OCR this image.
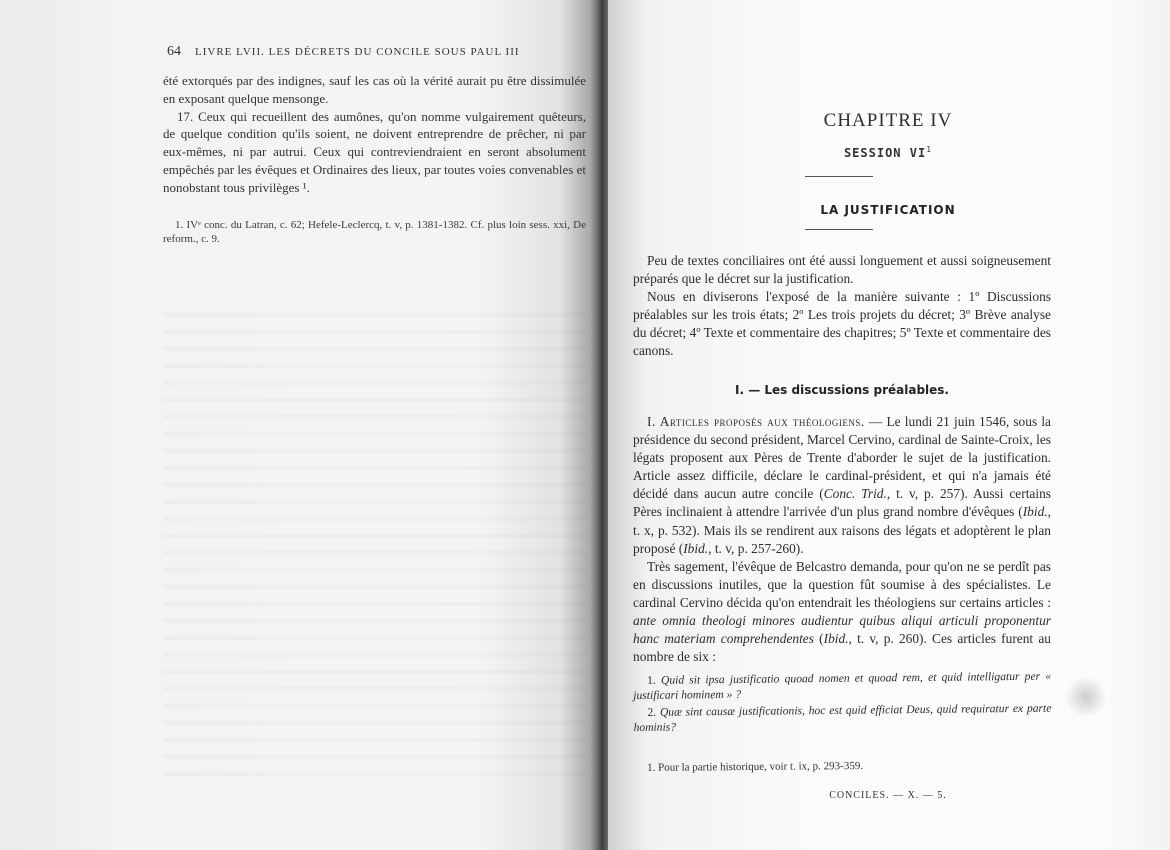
64 LIVRE LVII. LES DÉCRETS DU CONCILE SOUS PAUL III

été extorqués par des indignes, sauf les cas où la vérité aurait pu être dissimulée en exposant quelque mensonge.

17. Ceux qui recueillent des aumônes, qu'on nomme vulgairement quêteurs, de quelque condition qu'ils soient, ne doivent entreprendre de prêcher, ni par eux-mêmes, ni par autrui. Ceux qui contreviendraient en seront absolument empêchés par les évêques et Ordinaires des lieux, par toutes voies convenables et nonobstant tous privilèges ¹.

1. IVᵉ conc. du Latran, c. 62; Hefele-Leclercq, t. v, p. 1381-1382. Cf. plus loin sess. xxi, De reform., c. 9.

CHAPITRE IV
SESSION $VI^1$
LA JUSTIFICATION

Peu de textes conciliaires ont été aussi longuement et aussi soigneusement préparés que le décret sur la justification.

Nous en diviserons l'exposé de la manière suivante : 1º Discussions préalables sur les trois états; 2º Les trois projets du décret; 3º Brève analyse du décret; 4º Texte et commentaire des chapitres; 5º Texte et commentaire des canons.

I. — Les discussions préalables.

I. Articles proposés aux théologiens. — Le lundi 21 juin 1546, sous la présidence du second président, Marcel Cervino, cardinal de Sainte-Croix, les légats proposent aux Pères de Trente d'aborder le sujet de la justification. Article assez difficile, déclare le cardinal-président, et qui n'a jamais été décidé dans aucun autre concile (Conc. Trid., t. v, p. 257). Aussi certains Pères inclinaient à attendre l'arrivée d'un plus grand nombre d'évêques (Ibid., t. x, p. 532). Mais ils se rendirent aux raisons des légats et adoptèrent le plan proposé (Ibid., t. v, p. 257-260).

Très sagement, l'évêque de Belcastro demanda, pour qu'on ne se perdît pas en discussions inutiles, que la question fût soumise à des spécialistes. Le cardinal Cervino décida qu'on entendrait les théologiens sur certains articles : ante omnia theologi minores audientur quibus aliqui articuli proponentur hanc materiam comprehendentes (Ibid., t. v, p. 260). Ces articles furent au nombre de six :

1. Quid sit ipsa justificatio quoad nomen et quoad rem, et quid intelligatur per « justificari hominem » ?

2. Quæ sint causæ justificationis, hoc est quid efficiat Deus, quid requiratur ex parte hominis?

1. Pour la partie historique, voir t. ix, p. 293-359.

CONCILES. — X. — 5.
